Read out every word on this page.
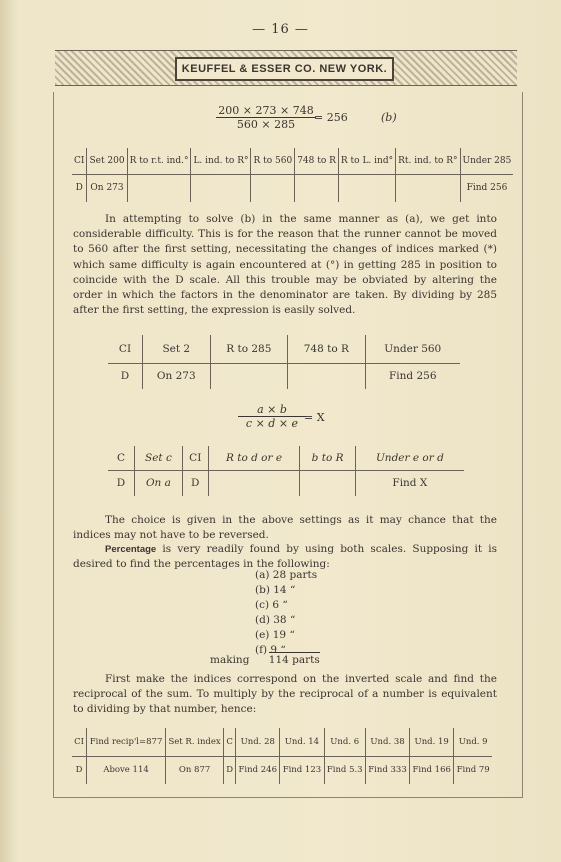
— 16 —
KEUFFEL & ESSER CO. NEW YORK.
$\frac{200 \times 273 \times 748}{560 \times 285}$
= 256	(b)
CI	Set 200	R to r.t. ind.°	L. ind. to R°	R to 560	748 to R	R to L. ind°	Rt. ind. to R°	Under 285
D	On 273							Find 256

In attempting to solve (b) in the same manner as (a), we get into considerable difficulty. This is for the reason that the runner cannot be moved to 560 after the first setting, necessitating the changes of indices marked (*) which same difficulty is again encountered at (°) in getting 285 in position to coincide with the D scale. All this trouble may be obviated by altering the order in which the factors in the denominator are taken. By dividing by 285 after the first setting, the expression is easily solved.

CI	Set 2	R to 285	748 to R	Under 560
D	On 273			Find 256
$\frac{a \times b}{c \times d \times e}$
= X
C	Set c	CI	R to d or e	b to R	Under e or d
D	On a	D			Find X

The choice is given in the above settings as it may chance that the indices may not have to be reversed.

Percentage is very readily found by using both scales. Supposing it is desired to find the percentages in the following:

(a) 28 parts
(b) 14 “
(c) 6 “
(d) 38 “
(e) 19 “
(f) 9 “
making 114 parts

First make the indices correspond on the inverted scale and find the reciprocal of the sum. To multiply by the reciprocal of a number is equivalent to dividing by that number, hence:

CI	Find recip'l=877	Set R. index	C	Und. 28	Und. 14	Und. 6	Und. 38	Und. 19	Und. 9
D	Above 114	On 877	D	Find 246	Find 123	Find 5.3	Find 333	Find 166	Find 79
